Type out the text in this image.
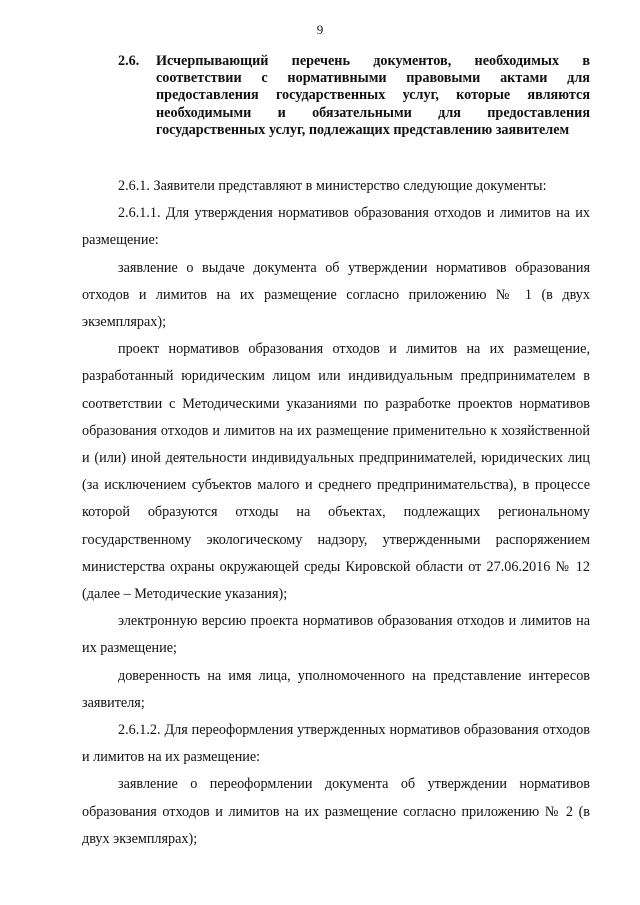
9
2.6.	Исчерпывающий перечень документов, необходимых в соответствии с нормативными правовыми актами для предоставления государственных услуг, которые являются необходимыми и обязательными для предоставления государственных услуг, подлежащих представлению заявителем

2.6.1. Заявители представляют в министерство следующие документы:

2.6.1.1. Для утверждения нормативов образования отходов и лимитов на их размещение:

заявление о выдаче документа об утверждении нормативов образования отходов и лимитов на их размещение согласно приложению № 1 (в двух экземплярах);

проект нормативов образования отходов и лимитов на их размещение, разработанный юридическим лицом или индивидуальным предпринимателем в соответствии с Методическими указаниями по разработке проектов нормативов образования отходов и лимитов на их размещение применительно к хозяйственной и (или) иной деятельности индивидуальных предпринимателей, юридических лиц (за исключением субъектов малого и среднего предпринимательства), в процессе которой образуются отходы на объектах, подлежащих региональному государственному экологическому надзору, утвержденными распоряжением министерства охраны окружающей среды Кировской области от 27.06.2016 № 12 (далее – Методические указания);

электронную версию проекта нормативов образования отходов и лимитов на их размещение;

доверенность на имя лица, уполномоченного на представление интересов заявителя;

2.6.1.2. Для переоформления утвержденных нормативов образования отходов и лимитов на их размещение:

заявление о переоформлении документа об утверждении нормативов образования отходов и лимитов на их размещение согласно приложению № 2 (в двух экземплярах);
